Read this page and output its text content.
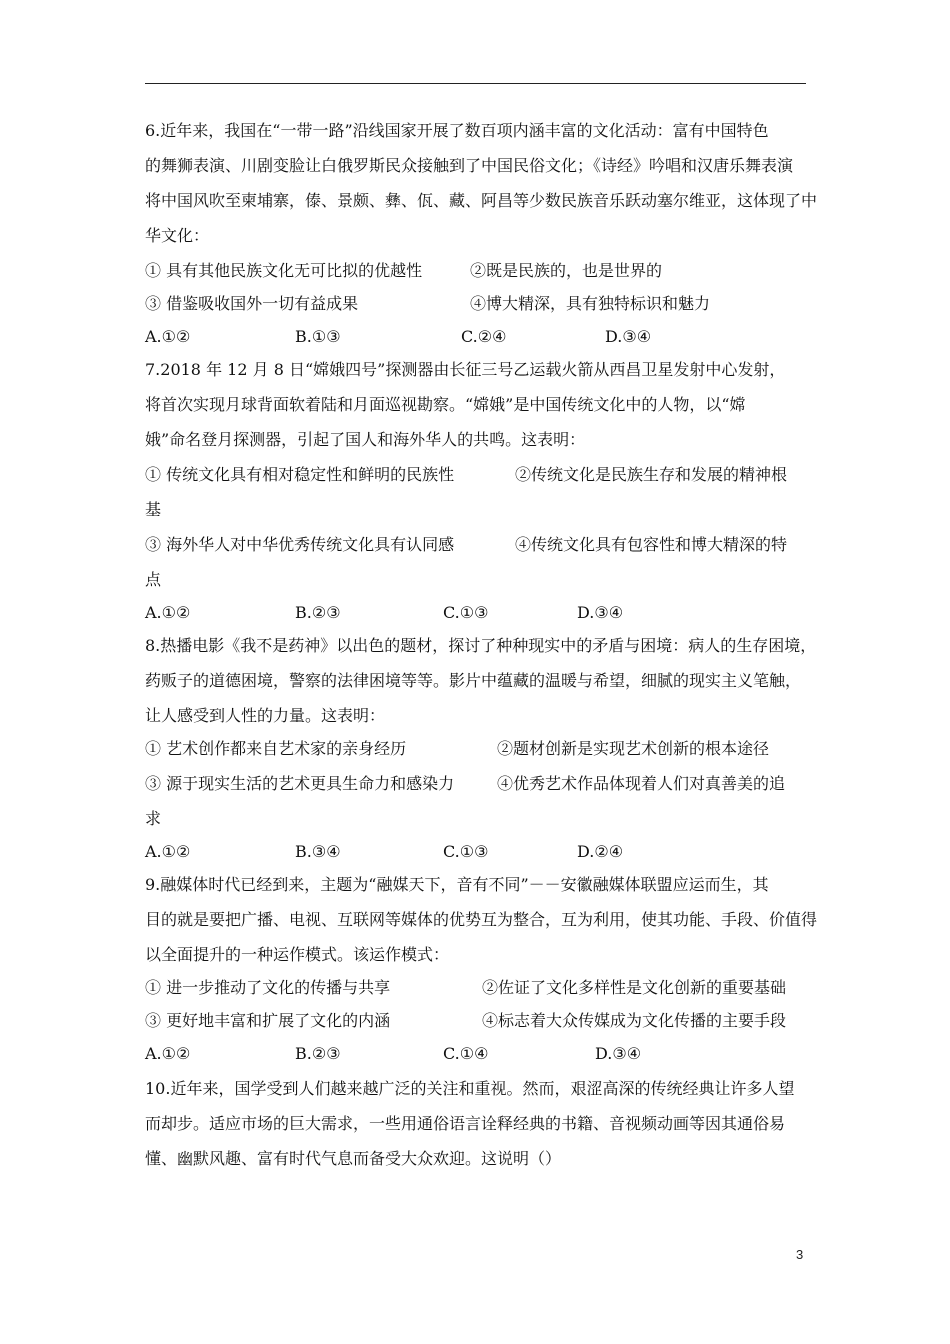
6.近年来，我国在“一带一路”沿线国家开展了数百项内涵丰富的文化活动：富有中国特色
的舞狮表演、川剧变脸让白俄罗斯民众接触到了中国民俗文化；《诗经》吟唱和汉唐乐舞表演
将中国风吹至柬埔寨，傣、景颇、彝、佤、藏、阿昌等少数民族音乐跃动塞尔维亚，这体现了中
华文化：
① 具有其他民族文化无可比拟的优越性	②既是民族的，也是世界的
③ 借鉴吸收国外一切有益成果	④博大精深，具有独特标识和魅力
A.①②	B.①③	C.②④	D.③④
7.2018 年 12 月 8 日“嫦娥四号”探测器由长征三号乙运载火箭从西昌卫星发射中心发射，
将首次实现月球背面软着陆和月面巡视勘察。“嫦娥”是中国传统文化中的人物，以“嫦
娥”命名登月探测器，引起了国人和海外华人的共鸣。这表明：
① 传统文化具有相对稳定性和鲜明的民族性	②传统文化是民族生存和发展的精神根
基
③ 海外华人对中华优秀传统文化具有认同感	④传统文化具有包容性和博大精深的特
点
A.①②	B.②③	C.①③	D.③④
8.热播电影《我不是药神》以出色的题材，探讨了种种现实中的矛盾与困境：病人的生存困境，
药贩子的道德困境，警察的法律困境等等。影片中蕴藏的温暖与希望，细腻的现实主义笔触，
让人感受到人性的力量。这表明：
① 艺术创作都来自艺术家的亲身经历	②题材创新是实现艺术创新的根本途径
③ 源于现实生活的艺术更具生命力和感染力	④优秀艺术作品体现着人们对真善美的追
求
A.①②	B.③④	C.①③	D.②④
9.融媒体时代已经到来，主题为“融媒天下，音有不同”－－安徽融媒体联盟应运而生，其
目的就是要把广播、电视、互联网等媒体的优势互为整合，互为利用，使其功能、手段、价值得
以全面提升的一种运作模式。该运作模式：
① 进一步推动了文化的传播与共享	②佐证了文化多样性是文化创新的重要基础
③ 更好地丰富和扩展了文化的内涵	④标志着大众传媒成为文化传播的主要手段
A.①②	B.②③	C.①④	D.③④
10.近年来，国学受到人们越来越广泛的关注和重视。然而，艰涩高深的传统经典让许多人望
而却步。适应市场的巨大需求，一些用通俗语言诠释经典的书籍、音视频动画等因其通俗易
懂、幽默风趣、富有时代气息而备受大众欢迎。这说明（）
3
